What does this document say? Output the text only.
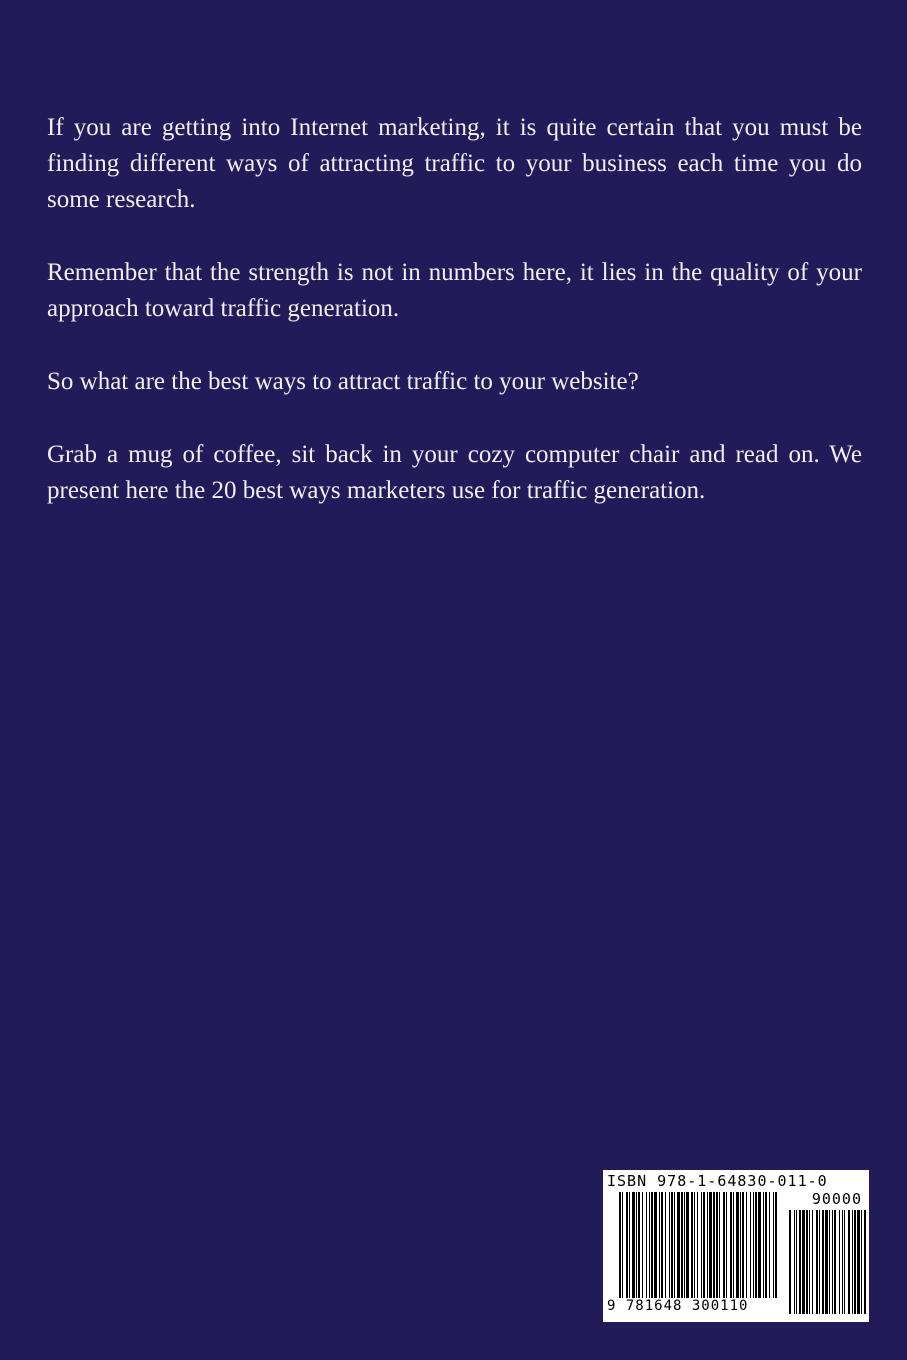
If you are getting into Internet marketing, it is quite certain that you must be finding different ways of attracting traffic to your business each time you do some research.

Remember that the strength is not in numbers here, it lies in the quality of your approach toward traffic generation.

So what are the best ways to attract traffic to your website?

Grab a mug of coffee, sit back in your cozy computer chair and read on. We present here the 20 best ways marketers use for traffic generation.

ISBN 978-1-64830-011-0
90000
9 781648 300110
